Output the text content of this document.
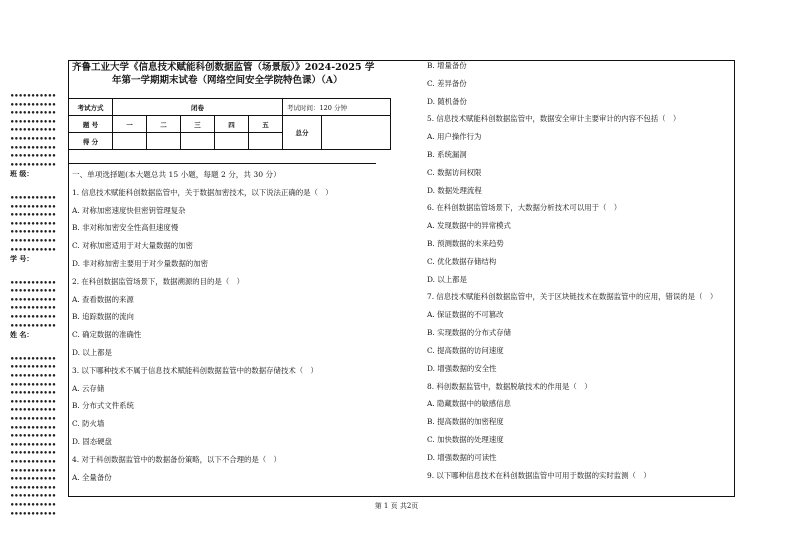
•••••••••••
•••••••••••
•••••••••••
•••••••••••
•••••••••••
•••••••••••
•••••••••••
•••••••••••
•••••••••••
班 级：
•••••••••••
•••••••••••
•••••••••••
•••••••••••
•••••••••••
•••••••••••
•••••••••••
学 号：
•••••••••••
•••••••••••
•••••••••••
•••••••••••
•••••••••••
•••••••••••
姓 名：
•••••••••••
•••••••••••
•••••••••••
•••••••••••
•••••••••••
•••••••••••
•••••••••••
•••••••••••
•••••••••••
•••••••••••
•••••••••••
•••••••••••
•••••••••••
•••••••••••
•••••••••••
•••••••••••
•••••••••••
•••••••••••
•••••••••••
齐鲁工业大学《信息技术赋能科创数据监管（场景版）》2024-2025 学
年第一学期期末试卷（网络空间安全学院特色课）（A）
考试方式	闭卷					考试时间：120 分钟	
题 号	一	二	三	四	五	总分	
得 分							
一、单项选择题(本大题总共 15 小题，每题 2 分，共 30 分）
1. 信息技术赋能科创数据监管中，关于数据加密技术，以下说法正确的是（　）
A. 对称加密速度快但密钥管理复杂
B. 非对称加密安全性高但速度慢
C. 对称加密适用于对大量数据的加密
D. 非对称加密主要用于对少量数据的加密
2. 在科创数据监管场景下，数据溯源的目的是（　）
A. 查看数据的来源
B. 追踪数据的流向
C. 确定数据的准确性
D. 以上都是
3. 以下哪种技术不属于信息技术赋能科创数据监管中的数据存储技术（　）
A. 云存储
B. 分布式文件系统
C. 防火墙
D. 固态硬盘
4. 对于科创数据监管中的数据备份策略，以下不合理的是（　）
A. 全量备份
B. 增量备份
C. 差异备份
D. 随机备份
5. 信息技术赋能科创数据监管中，数据安全审计主要审计的内容不包括（　）
A. 用户操作行为
B. 系统漏洞
C. 数据访问权限
D. 数据处理流程
6. 在科创数据监管场景下，大数据分析技术可以用于（　）
A. 发现数据中的异常模式
B. 预测数据的未来趋势
C. 优化数据存储结构
D. 以上都是
7. 信息技术赋能科创数据监管中，关于区块链技术在数据监管中的应用，错误的是（　）
A. 保证数据的不可篡改
B. 实现数据的分布式存储
C. 提高数据的访问速度
D. 增强数据的安全性
8. 科创数据监管中，数据脱敏技术的作用是（　）
A. 隐藏数据中的敏感信息
B. 提高数据的加密程度
C. 加快数据的处理速度
D. 增强数据的可读性
9. 以下哪种信息技术在科创数据监管中可用于数据的实时监测（　）
第 1 页 共2页
